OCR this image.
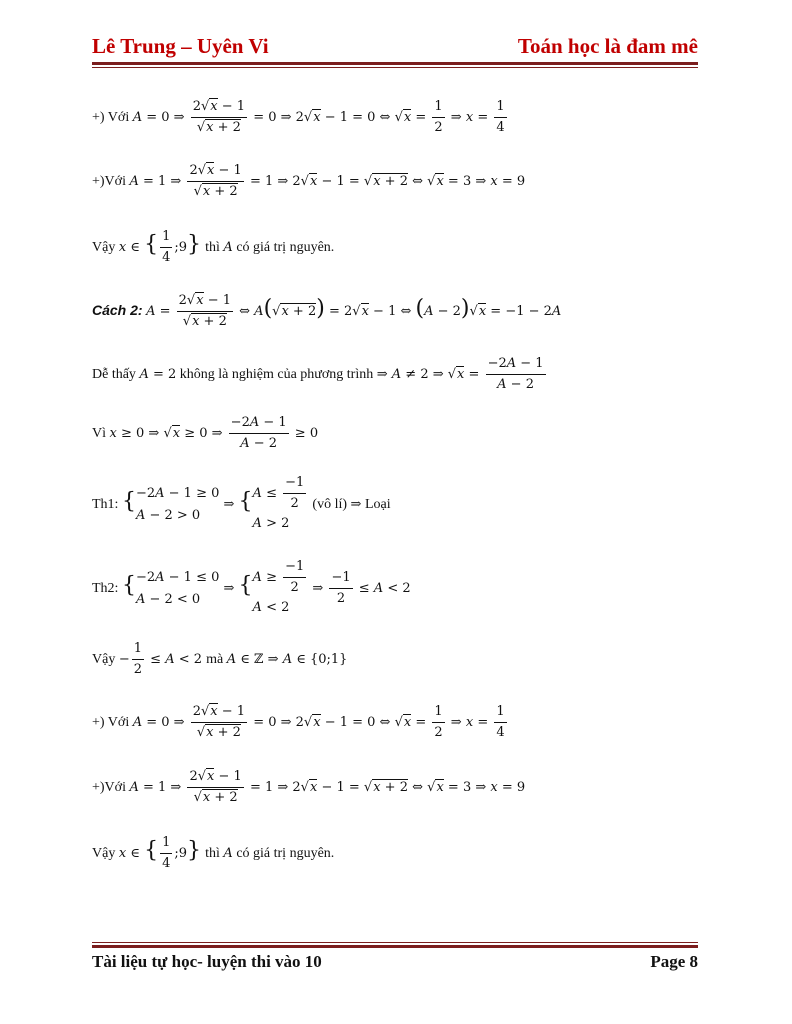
Lê Trung – Uyên Vi	Toán học là đam mê
+) Với A = 0 ⇒ 2 √ x − 1
√ x + 2 = 0 ⇒ 2 √ x − 1 = 0 ⇔ √ $x = \frac{1}{2}$ ⇒ $x = \frac{1}{4}$
+)Với A = 1 ⇒ 2 √ x − 1
√ x + 2 = 1 ⇒ 2 √ x − 1 = √ x + 2 ⇔ √ x = 3 ⇒ x = 9
Vậy x ∈ { $\frac{1}{4}$ ;9} thì A có giá trị nguyên.
Cách 2: A = 2 √ x − 1
√ x + 2 ⇔ A( √ x + 2) = 2 √ x − 1 ⇔ (A − 2) √ x = −1 − 2A
Dễ thấy A = 2 không là nghiệm của phương trình ⇒ A ≠ 2 ⇒ √ $x = \frac{-2A - 1}{A - 2}$
Vì x ≥ 0 ⇒ √ x ≥ 0 ⇒ $\frac{-2A - 1}{A - 2} \ge 0$
Th1: { −2A − 1 ≥ 0
A − 2 > 0
⇒ { $A \le \frac{-1}{2}$
A > 2
(vô lí) ⇒ Loại
Th2: { −2A − 1 ≤ 0
A − 2 < 0
⇒ { $A \ge \frac{-1}{2}$
A < 2
⇒ $\frac{-1}{2} \le A < 2$
Vậy − $\frac{1}{2} \le A < 2$ mà A ∈ ℤ ⇒ A ∈ {0;1}
+) Với A = 0 ⇒ 2 √ x − 1
√ x + 2 = 0 ⇒ 2 √ x − 1 = 0 ⇔ √ $x = \frac{1}{2}$ ⇒ $x = \frac{1}{4}$
+)Với A = 1 ⇒ 2 √ x − 1
√ x + 2 = 1 ⇒ 2 √ x − 1 = √ x + 2 ⇔ √ x = 3 ⇒ x = 9
Vậy x ∈ { $\frac{1}{4}$ ;9} thì A có giá trị nguyên.
Tài liệu tự học- luyện thi vào 10	Page 8
